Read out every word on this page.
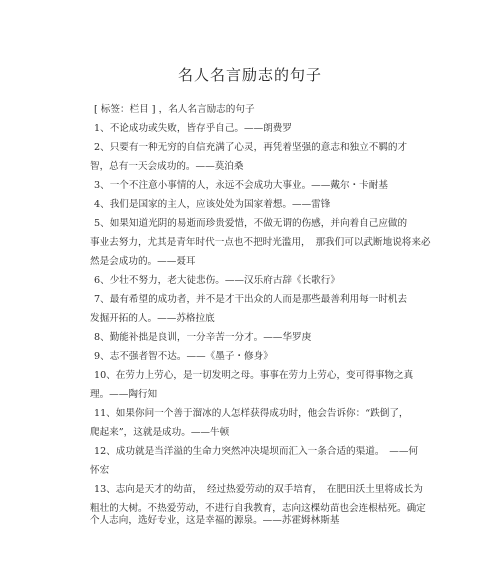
名人名言励志的句子
[ 标签：栏目 ] ，名人名言励志的句子
1、不论成功或失败，皆存乎自己。——朗费罗
2、只要有一种无穷的自信充满了心灵，再凭着坚强的意志和独立不羁的才
智，总有一天会成功的。——莫泊桑
3、一个不注意小事情的人，永远不会成功大事业。——戴尔・卡耐基
4、我们是国家的主人，应该处处为国家着想。——雷锋
5、如果知道光阴的易逝而珍贵爱惜，不做无谓的伤感，并向着自己应做的
事业去努力，尤其是青年时代一点也不把时光滥用，　那我们可以武断地说将来必
然是会成功的。——聂耳
6、少壮不努力，老大徒悲伤。——汉乐府古辞《长歌行》
7、最有希望的成功者，并不是才干出众的人而是那些最善利用每一时机去
发掘开拓的人。——苏格拉底
8、勤能补拙是良训，一分辛苦一分才。——华罗庚
9、志不强者智不达。——《墨子・修身》
10、在劳力上劳心，是一切发明之母。事事在劳力上劳心，变可得事物之真
理。——陶行知
11、如果你问一个善于溜冰的人怎样获得成功时，他会告诉你：“跌倒了，
爬起来”，这就是成功。——牛顿
12、成功就是当洋溢的生命力突然冲决堤坝而汇入一条合适的渠道。　——何
怀宏
13、志向是天才的幼苗，　经过热爱劳动的双手培育，　在肥田沃土里将成长为
粗壮的大树。不热爱劳动，不进行自我教育，志向这棵幼苗也会连根枯死。确定
个人志向，选好专业，这是幸福的源泉。——苏霍姆林斯基
